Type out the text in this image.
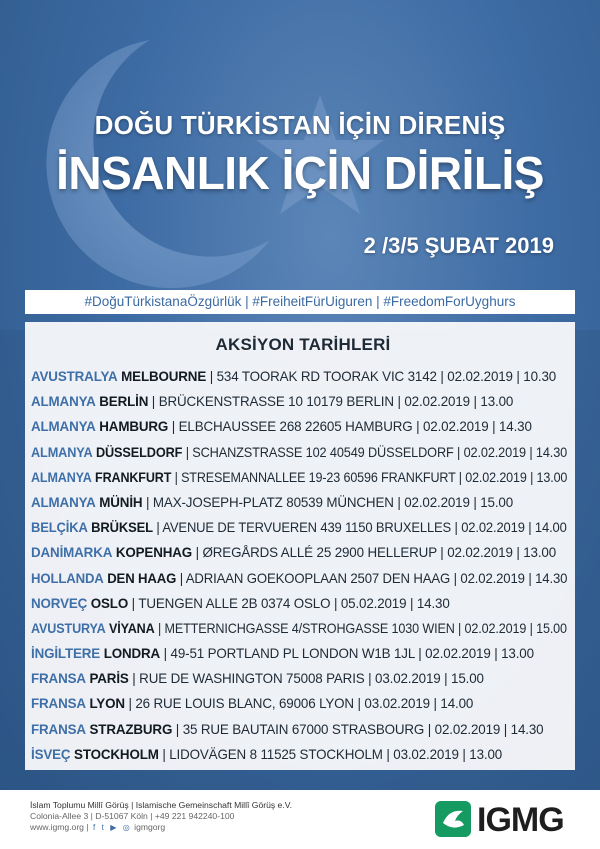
DOĞU TÜRKİSTAN İÇİN DİRENİŞ
İNSANLIK İÇİN DİRİLİŞ
2 /3/5 ŞUBAT 2019
#DoğuTürkistanaÖzgürlük | #FreiheitFürUiguren | #FreedomForUyghurs
AKSİYON TARİHLERİ
AVUSTRALYA MELBOURNE | 534 TOORAK RD TOORAK VIC 3142 | 02.02.2019 | 10.30
ALMANYA BERLİN | BRÜCKENSTRASSE 10 10179 BERLIN | 02.02.2019 | 13.00
ALMANYA HAMBURG | ELBCHAUSSEE 268 22605 HAMBURG | 02.02.2019 | 14.30
ALMANYA DÜSSELDORF | SCHANZSTRASSE 102 40549 DÜSSELDORF | 02.02.2019 | 14.30
ALMANYA FRANKFURT | STRESEMANNALLEE 19-23 60596 FRANKFURT | 02.02.2019 | 13.00
ALMANYA MÜNİH | MAX-JOSEPH-PLATZ 80539 MÜNCHEN | 02.02.2019 | 15.00
BELÇİKA BRÜKSEL | AVENUE DE TERVUEREN 439 1150 BRUXELLES | 02.02.2019 | 14.00
DANİMARKA KOPENHAG | ØREGÅRDS ALLÉ 25 2900 HELLERUP | 02.02.2019 | 13.00
HOLLANDA DEN HAAG | ADRIAAN GOEKOOPLAAN 2507 DEN HAAG | 02.02.2019 | 14.30
NORVEÇ OSLO | TUENGEN ALLE 2B 0374 OSLO | 05.02.2019 | 14.30
AVUSTURYA VİYANA | METTERNICHGASSE 4/STROHGASSE 1030 WIEN | 02.02.2019 | 15.00
İNGİLTERE LONDRA | 49-51 PORTLAND PL LONDON W1B 1JL | 02.02.2019 | 13.00
FRANSA PARİS | RUE DE WASHINGTON 75008 PARIS | 03.02.2019 | 15.00
FRANSA LYON | 26 RUE LOUIS BLANC, 69006 LYON | 03.02.2019 | 14.00
FRANSA STRAZBURG | 35 RUE BAUTAIN 67000 STRASBOURG | 02.02.2019 | 14.30
İSVEÇ STOCKHOLM | LIDOVÄGEN 8 11525 STOCKHOLM | 03.02.2019 | 13.00
İslam Toplumu Millî Görüş | Islamische Gemeinschaft Millî Görüş e.V.
Colonia-Allee 3 | D-51067 Köln | +49 221 942240-100
www.igmg.org | f t ▶ ◎ igmgorg	IGMG
